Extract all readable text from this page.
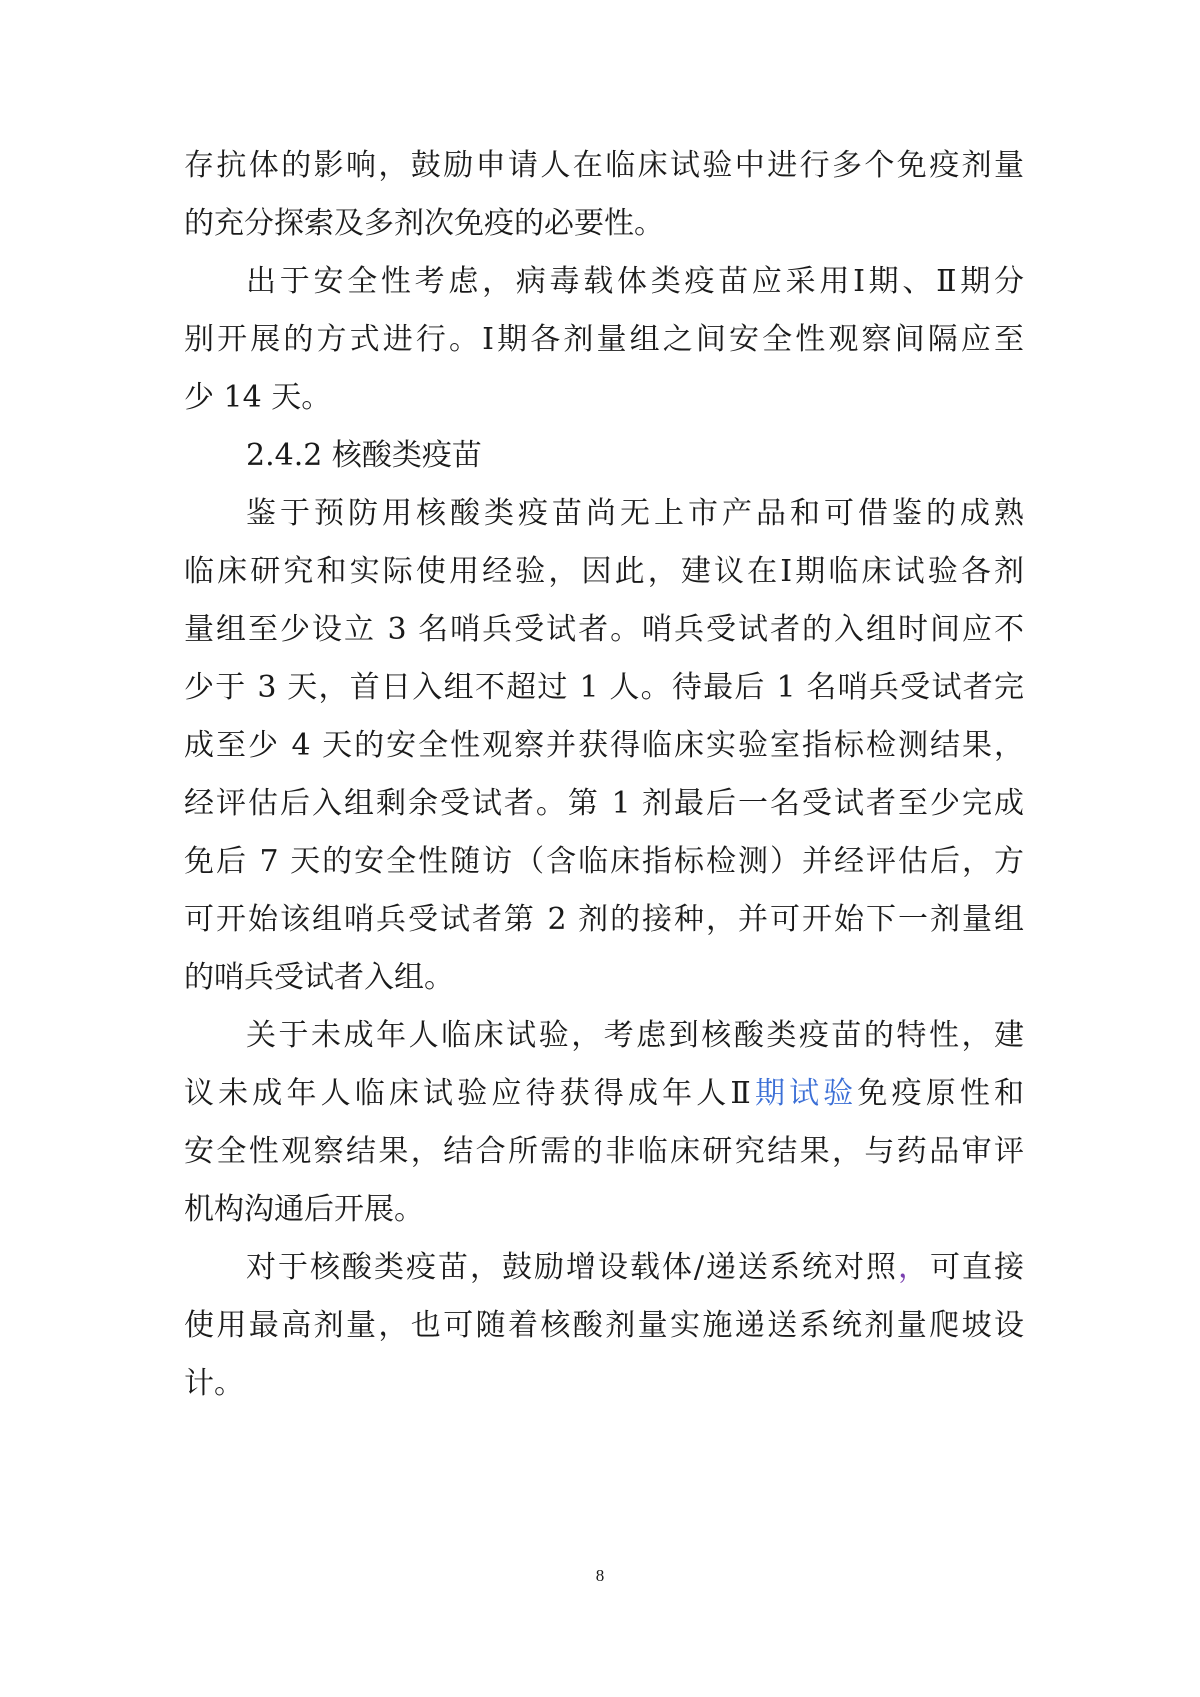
存抗体的影响，鼓励申请人在临床试验中进行多个免疫剂量
的充分探索及多剂次免疫的必要性。
出于安全性考虑，病毒载体类疫苗应采用Ⅰ期、Ⅱ期分
别开展的方式进行。Ⅰ期各剂量组之间安全性观察间隔应至
少 14 天。
2.4.2 核酸类疫苗
鉴于预防用核酸类疫苗尚无上市产品和可借鉴的成熟
临床研究和实际使用经验，因此，建议在Ⅰ期临床试验各剂
量组至少设立 3 名哨兵受试者。哨兵受试者的入组时间应不
少于 3 天，首日入组不超过 1 人。待最后 1 名哨兵受试者完
成至少 4 天的安全性观察并获得临床实验室指标检测结果，
经评估后入组剩余受试者。第 1 剂最后一名受试者至少完成
免后 7 天的安全性随访（含临床指标检测）并经评估后，方
可开始该组哨兵受试者第 2 剂的接种，并可开始下一剂量组
的哨兵受试者入组。
关于未成年人临床试验，考虑到核酸类疫苗的特性，建
议未成年人临床试验应待获得成年人Ⅱ期试验免疫原性和
安全性观察结果，结合所需的非临床研究结果，与药品审评
机构沟通后开展。
对于核酸类疫苗，鼓励增设载体/递送系统对照，可直接
使用最高剂量，也可随着核酸剂量实施递送系统剂量爬坡设
计。
8
